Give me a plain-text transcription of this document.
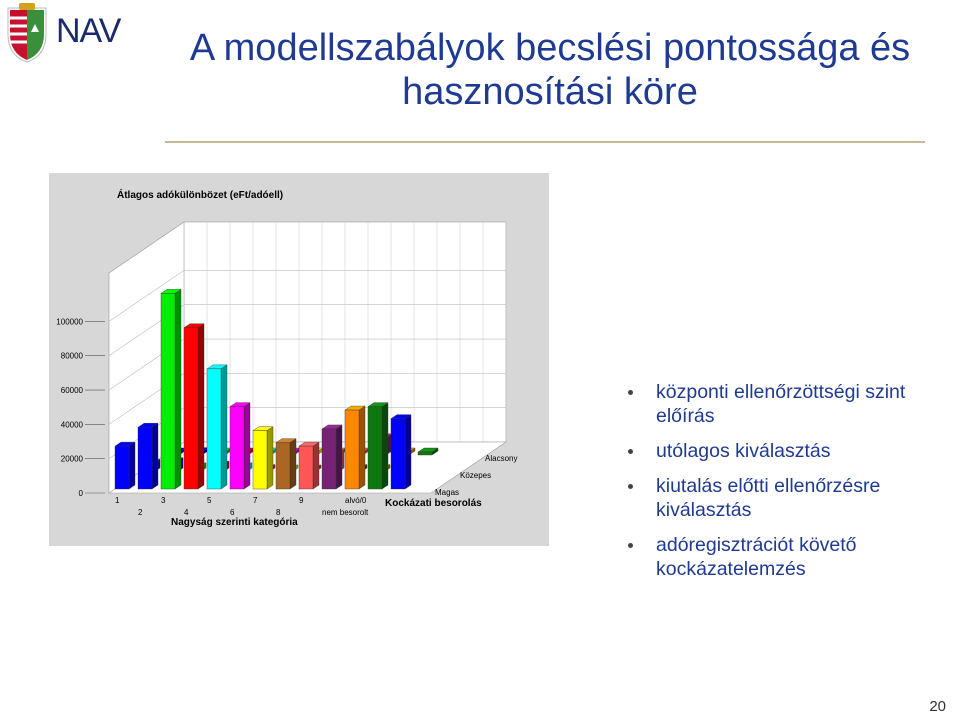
NAV	A modellszabályok becslési pontossága és hasznosítási köre
Átlagos adókülönbözet (eFt/adóell)
Nagyság szerinti kategória
Kockázati besorolás
0
20000
40000
60000
80000
100000
1
2
3
4
5
6
7
8
9
nem besorolt
alvó/0
Alacsony
Közepes
Magas
központi ellenőrzöttségi szint előírás
utólagos kiválasztás
kiutalás előtti ellenőrzésre kiválasztás
adóregisztrációt követő kockázatelemzés
20
